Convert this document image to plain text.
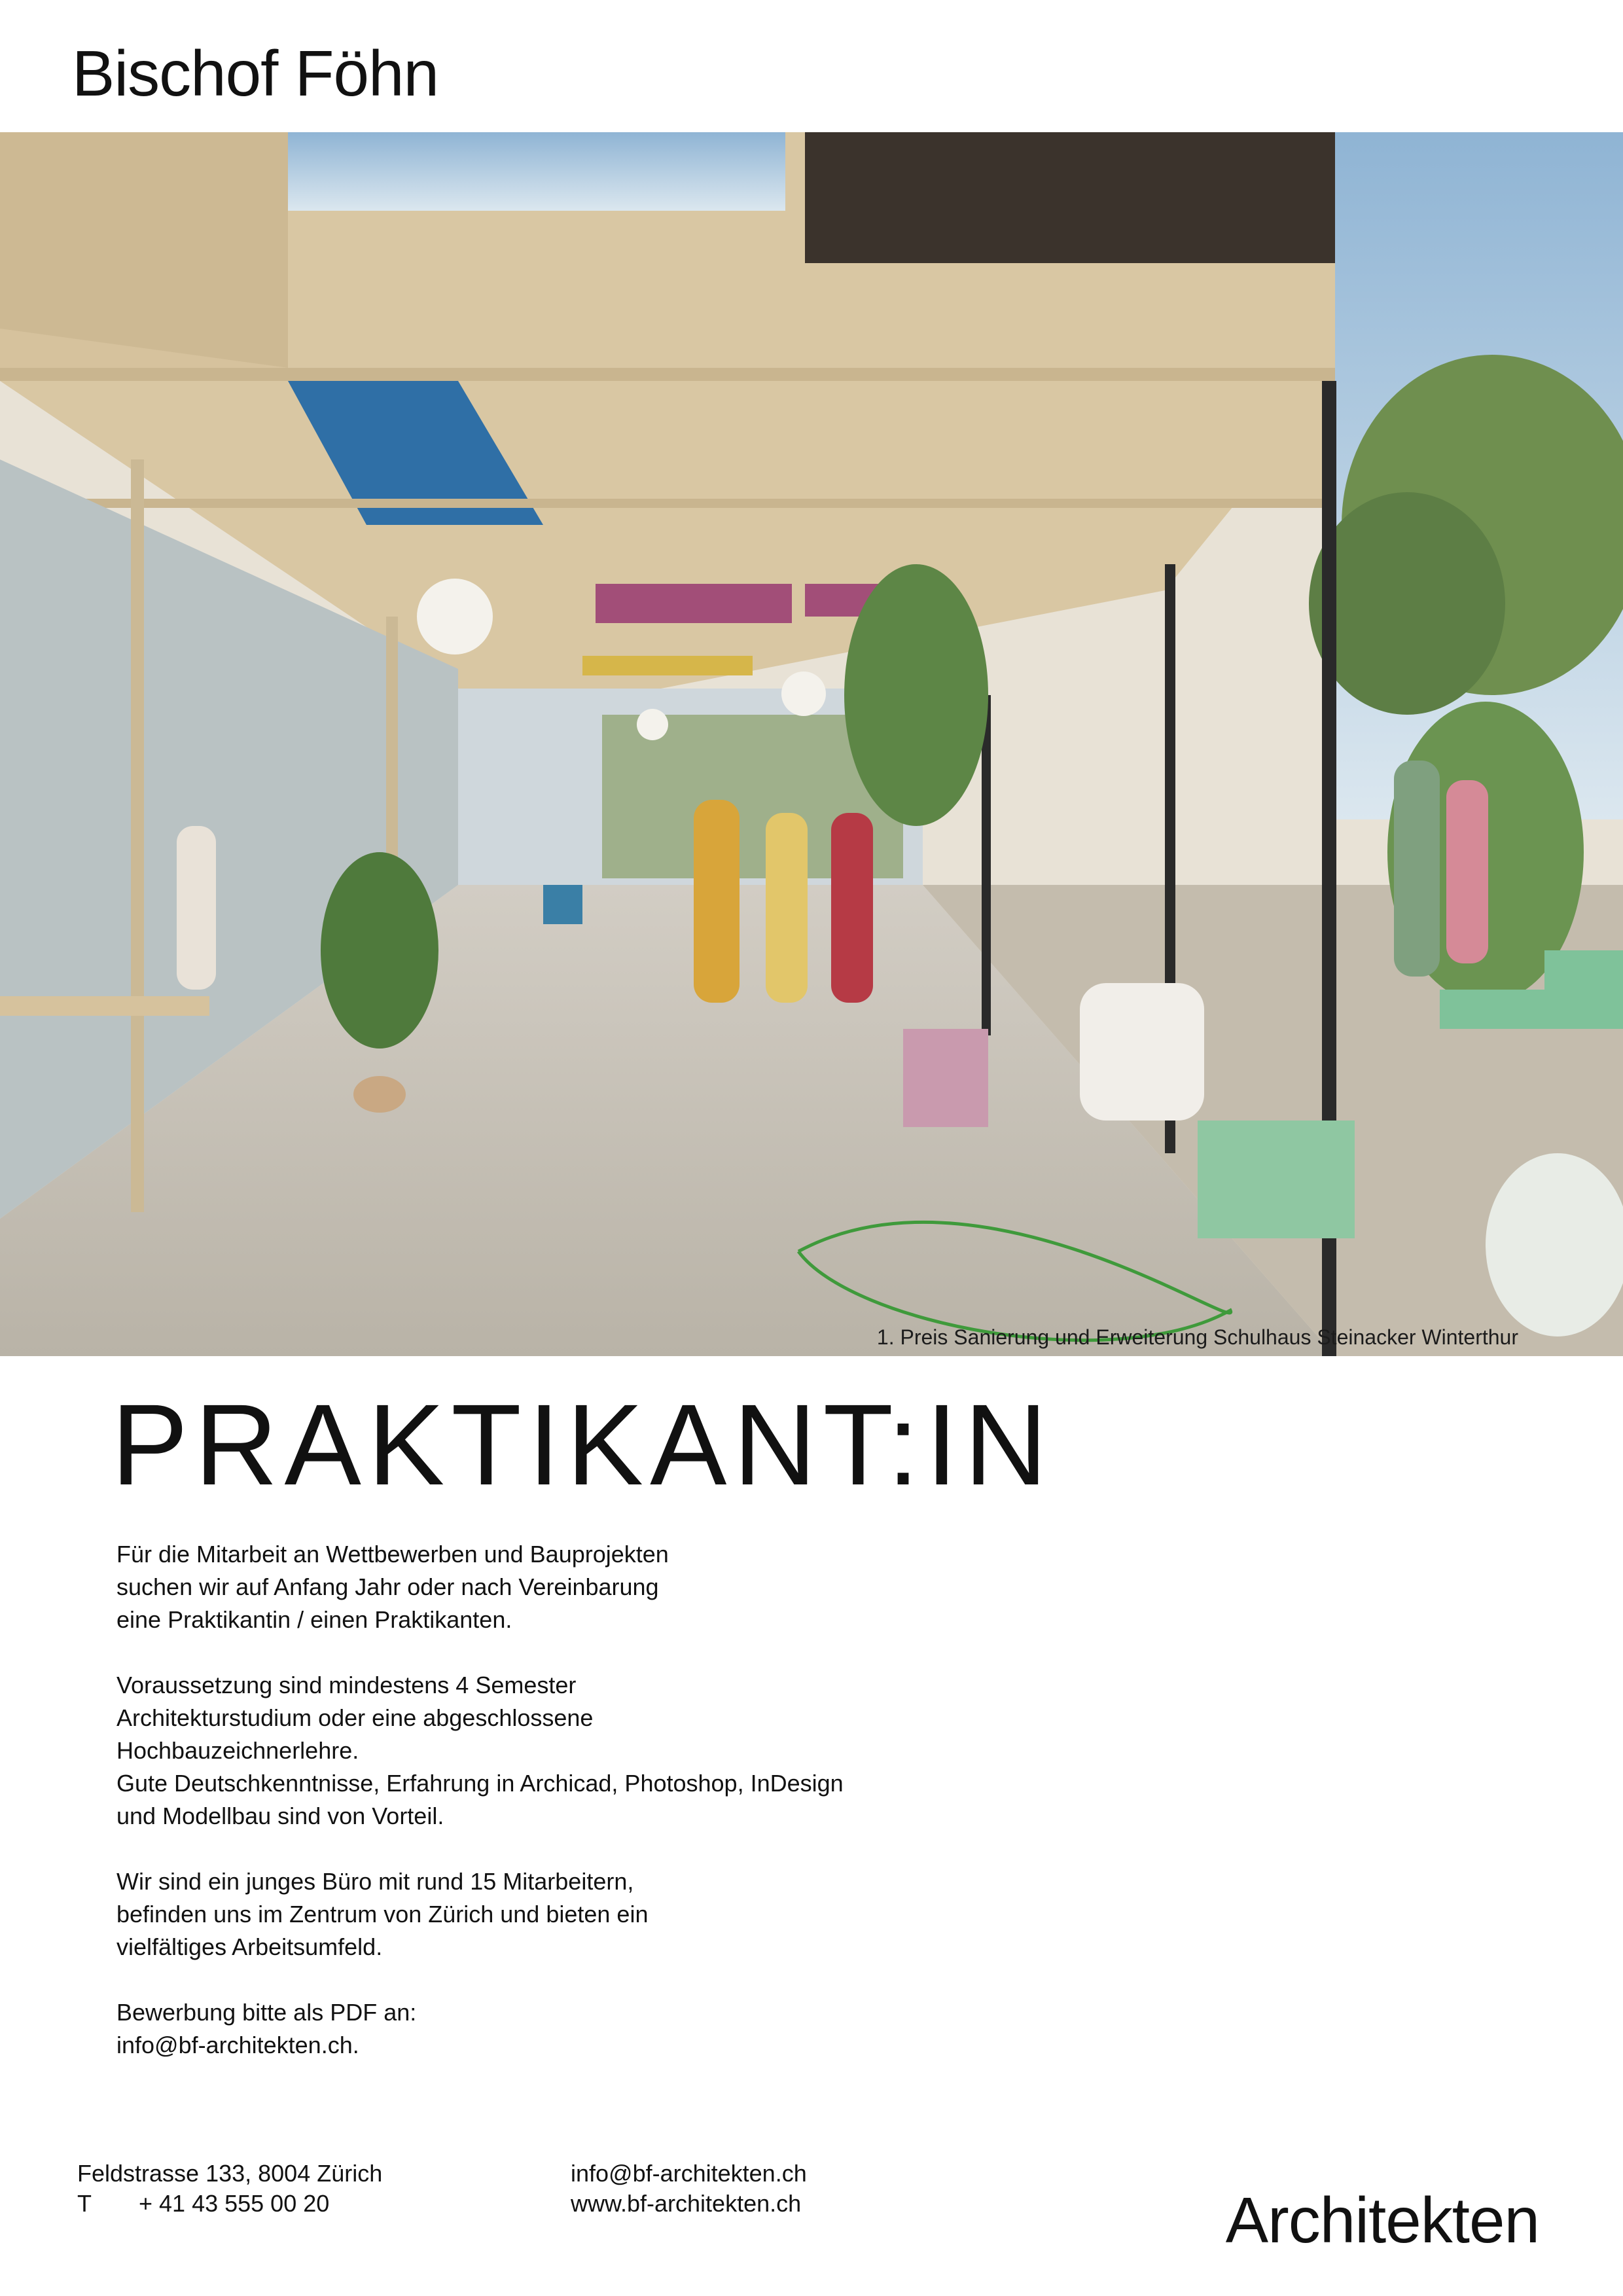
Bischof Föhn

1. Preis Sanierung und Erweiterung Schulhaus Steinacker Winterthur

PRAKTIKANT:IN

Für die Mitarbeit an Wettbewerben und Bauprojekten
suchen wir auf Anfang Jahr oder nach Vereinbarung
eine Praktikantin / einen Praktikanten.

Voraussetzung sind mindestens 4 Semester
Architekturstudium oder eine abgeschlossene
Hochbauzeichnerlehre.
Gute Deutschkenntnisse, Erfahrung in Archicad, Photoshop, InDesign
und Modellbau sind von Vorteil.

Wir sind ein junges Büro mit rund 15 Mitarbeitern,
befinden uns im Zentrum von Zürich und bieten ein
vielfältiges Arbeitsumfeld.

Bewerbung bitte als PDF an:
info@bf-architekten.ch.

Feldstrasse 133, 8004 Zürich
T + 41 43 555 00 20
info@bf-architekten.ch
www.bf-architekten.ch	Architekten
